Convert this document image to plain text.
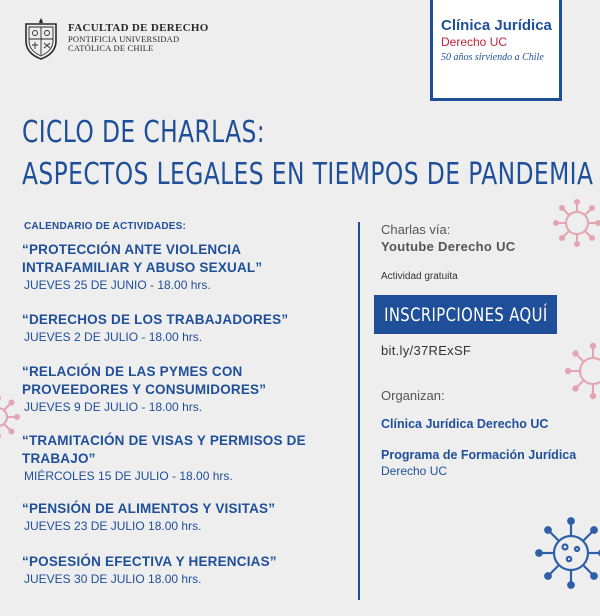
FACULTAD DE DERECHO
PONTIFICIA UNIVERSIDAD
CATÓLICA DE CHILE
Clínica Jurídica
Derecho UC
50 años sirviendo a Chile
CICLO DE CHARLAS:
ASPECTOS LEGALES EN TIEMPOS DE PANDEMIA
CALENDARIO DE ACTIVIDADES:
“PROTECCIÓN ANTE VIOLENCIA
INTRAFAMILIAR Y ABUSO SEXUAL”
JUEVES 25 DE JUNIO - 18.00 hrs.
“DERECHOS DE LOS TRABAJADORES”
JUEVES 2 DE JULIO - 18.00 hrs.
“RELACIÓN DE LAS PYMES CON
PROVEEDORES Y CONSUMIDORES”
JUEVES 9 DE JULIO - 18.00 hrs.
“TRAMITACIÓN DE VISAS Y PERMISOS DE
TRABAJO”
MIÉRCOLES 15 DE JULIO - 18.00 hrs.
“PENSIÓN DE ALIMENTOS Y VISITAS”
JUEVES 23 DE JULIO 18.00 hrs.
“POSESIÓN EFECTIVA Y HERENCIAS”
JUEVES 30 DE JULIO 18.00 hrs.
Charlas vía:
Youtube Derecho UC
Actividad gratuita
INSCRIPCIONES AQUÍ
bit.ly/37RExSF
Organizan:
Clínica Jurídica Derecho UC
Programa de Formación Jurídica
Derecho UC
